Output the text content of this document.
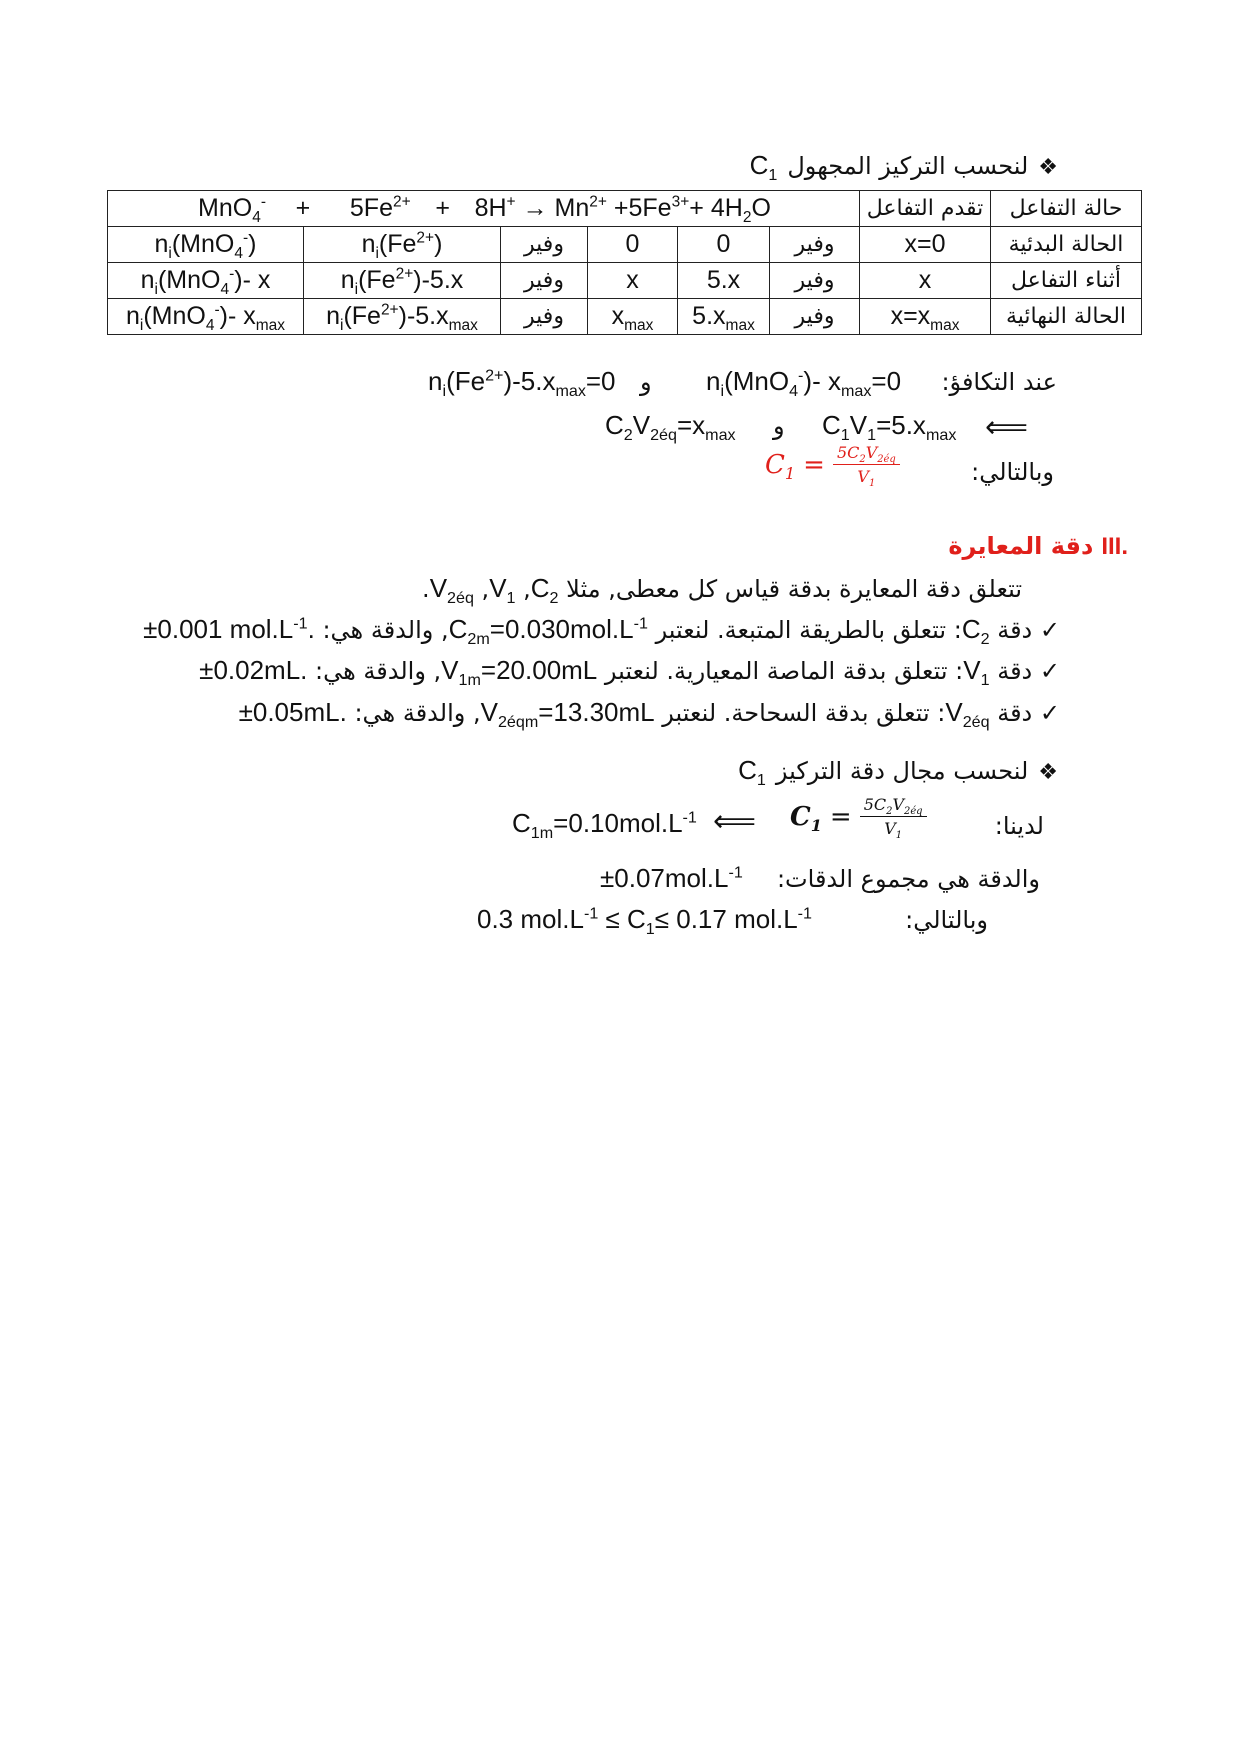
❖
لنحسب التركيز المجهول
$C_1$
$MnO_4^- + 5Fe^{2+} + 8H^+ \to Mn^{2+} +5Fe^{3+}+ 4H_2O$						تقدم التفاعل	حالة التفاعل
$n_i(MnO_4^-)$	$n_i(Fe^{2+})$	وفير	0	0	وفير	x=0	الحالة البدئية
$n_i(MnO_4^-)-$ x	$n_i(Fe^{2+})-5.x$	وفير	x	5.x	وفير	x	أثناء التفاعل
$n_i(MnO_4^-)-$ $x_{max}$	$n_i(Fe^{2+})-5.x_{max}$	وفير	$x_{max}$	$5.x_{max}$	وفير	$x=x_{max}$	الحالة النهائية
عند التكافؤ:
$n_i(MnO_4^-)-$ $x_{max}=0$
و
$n_i(Fe^{2+})-5.x_{max}=0$
⟸
$C_1V_1=5.x_{max}$
و
$C_2V_{2éq}=x_{max}$
وبالتالي:
$C_1 = \frac{5C_2V_{2éq}}{V_1}$
III.
دقة المعايرة
تتعلق دقة المعايرة بدقة قياس كل معطى, مثلا $C_2$, $V_1$, $V_{2éq}$.
✓ دقة $C_2$: تتعلق بالطريقة المتبعة. لنعتبر $C_{2m}=0.030mol.L^{-1}$, والدقة هي: ±0.001 $mol.L^{-1}$.
✓ دقة $V_1$: تتعلق بدقة الماصة المعيارية. لنعتبر $V_{1m}=20.00mL$, والدقة هي: ±0.02mL.
✓ دقة $V_{2éq}$: تتعلق بدقة السحاحة. لنعتبر $V_{2éqm}=13.30mL$, والدقة هي: ±0.05mL.
❖
لنحسب مجال دقة التركيز
$C_1$
لدينا:
$C_1 = \frac{5C_2V_{2éq}}{V_1}$
⟸
$C_{1m}=0.10mol.L^{-1}$
والدقة هي مجموع الدقات:
$\pm 0.07mol.L^{-1}$
وبالتالي:
0.3 $mol.L^{-1} \le C_1\le 0.17$ $mol.L^{-1}$
